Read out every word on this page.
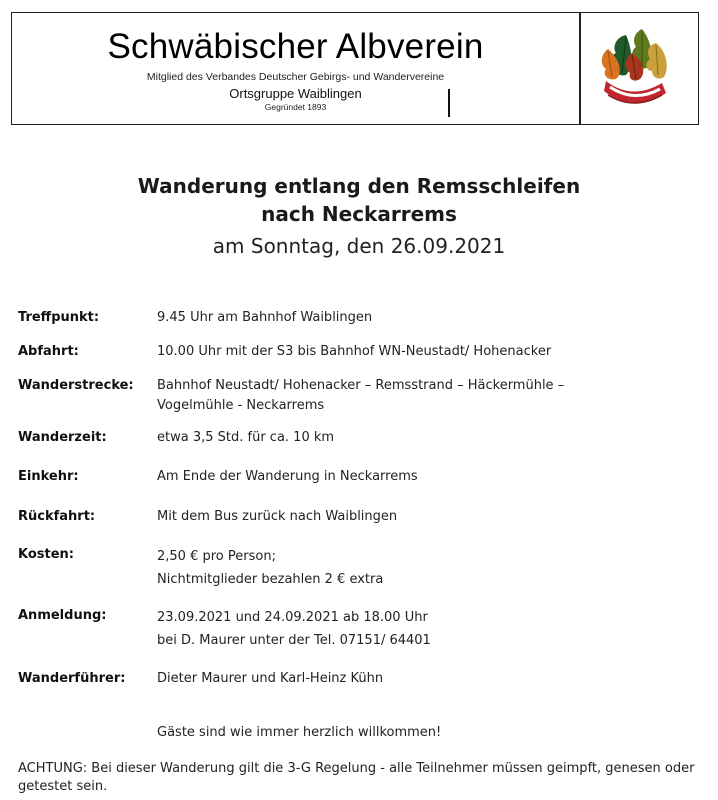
Schwäbischer Albverein
Mitglied des Verbandes Deutscher Gebirgs- und Wandervereine
Ortsgruppe Waiblingen
Gegründet 1893
Wanderung entlang den Remsschleifen
nach Neckarrems
am Sonntag, den 26.09.2021
Treffpunkt:	9.45 Uhr am Bahnhof Waiblingen
Abfahrt:	10.00 Uhr mit der S3 bis Bahnhof WN-Neustadt/ Hohenacker
Wanderstrecke: Bahnhof Neustadt/ Hohenacker – Remsstrand – Häckermühle –
Vogelmühle - Neckarrems
Wanderzeit:	etwa 3,5 Std. für ca. 10 km
Einkehr:	Am Ende der Wanderung in Neckarrems
Rückfahrt:	Mit dem Bus zurück nach Waiblingen
Kosten:	2,50 € pro Person;
Nichtmitglieder bezahlen 2 € extra
Anmeldung:	23.09.2021 und 24.09.2021 ab 18.00 Uhr
bei D. Maurer unter der Tel. 07151/ 64401
Wanderführer: Dieter Maurer und Karl-Heinz Kühn
Gäste sind wie immer herzlich willkommen!
ACHTUNG: Bei dieser Wanderung gilt die 3-G Regelung - alle Teilnehmer müssen geimpft, genesen oder getestet sein.
